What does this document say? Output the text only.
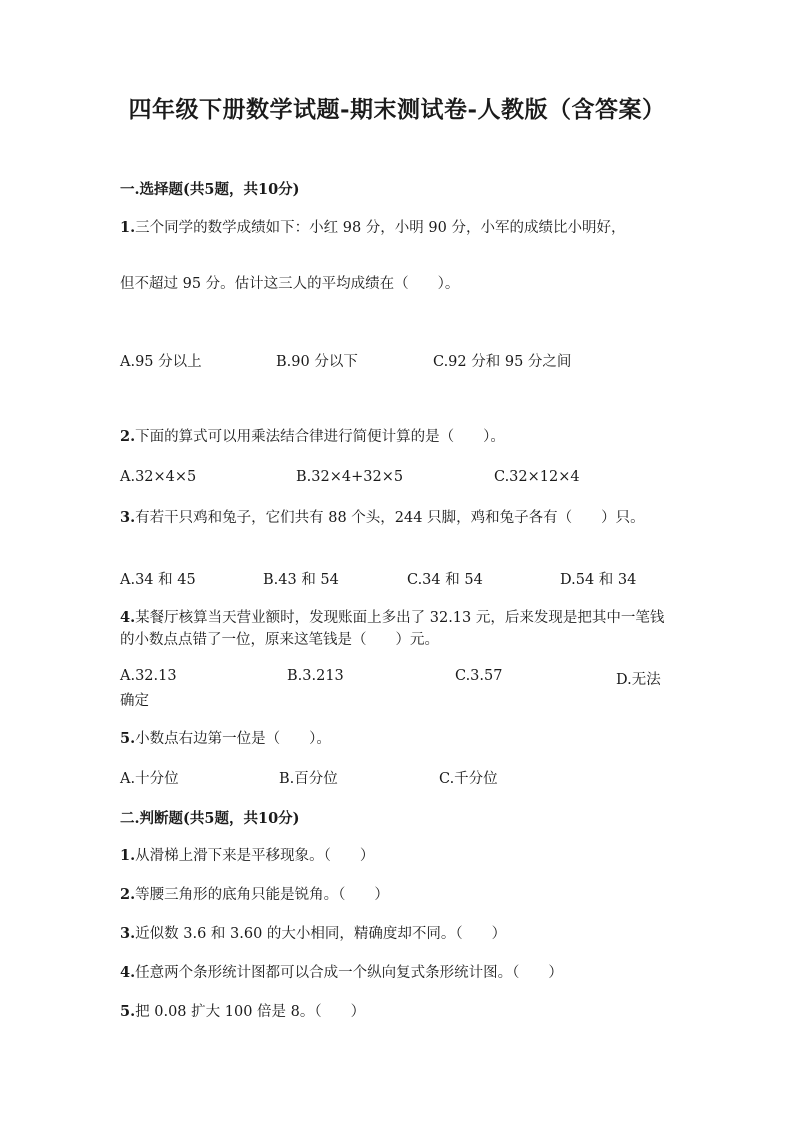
四年级下册数学试题-期末测试卷-人教版（含答案）
一.选择题(共5题，共10分)
1.三个同学的数学成绩如下：小红 98 分，小明 90 分，小军的成绩比小明好，
但不超过 95 分。估计这三人的平均成绩在（　　）。
A.95 分以上	B.90 分以下	C.92 分和 95 分之间
2.下面的算式可以用乘法结合律进行简便计算的是（　　）。
A.32×4×5	B.32×4+32×5	C.32×12×4
3.有若干只鸡和兔子，它们共有 88 个头，244 只脚，鸡和兔子各有（　　）只。
A.34 和 45	B.43 和 54	C.34 和 54	D.54 和 34
4.某餐厅核算当天营业额时，发现账面上多出了 32.13 元，后来发现是把其中一笔钱的小数点点错了一位，原来这笔钱是（　　）元。
A.32.13	B.3.213	C.3.57	D.无法
确定
5.小数点右边第一位是（　　）。
A.十分位	B.百分位	C.千分位
二.判断题(共5题，共10分)
1.从滑梯上滑下来是平移现象。（　　）
2.等腰三角形的底角只能是锐角。（　　）
3.近似数 3.6 和 3.60 的大小相同，精确度却不同。（　　）
4.任意两个条形统计图都可以合成一个纵向复式条形统计图。（　　）
5.把 0.08 扩大 100 倍是 8。（　　）
